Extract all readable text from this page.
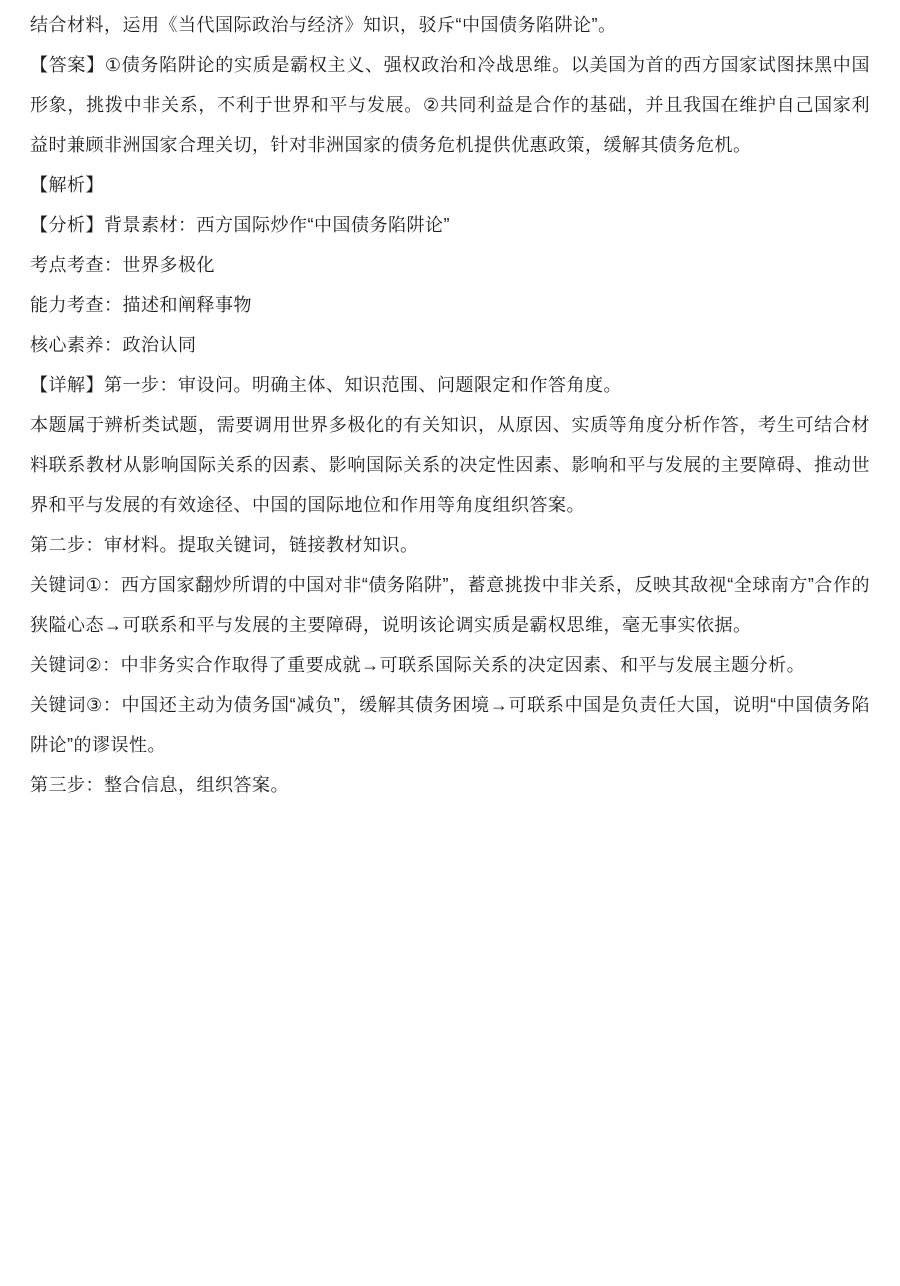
结合材料，运用《当代国际政治与经济》知识，驳斥“中国债务陷阱论”。

【答案】①债务陷阱论的实质是霸权主义、强权政治和冷战思维。以美国为首的西方国家试图抹黑中国形象，挑拨中非关系，不利于世界和平与发展。②共同利益是合作的基础，并且我国在维护自己国家利益时兼顾非洲国家合理关切，针对非洲国家的债务危机提供优惠政策，缓解其债务危机。

【解析】

【分析】背景素材：西方国际炒作“中国债务陷阱论”

考点考查：世界多极化

能力考查：描述和阐释事物

核心素养：政治认同

【详解】第一步：审设问。明确主体、知识范围、问题限定和作答角度。

本题属于辨析类试题，需要调用世界多极化的有关知识，从原因、实质等角度分析作答，考生可结合材料联系教材从影响国际关系的因素、影响国际关系的决定性因素、影响和平与发展的主要障碍、推动世界和平与发展的有效途径、中国的国际地位和作用等角度组织答案。

第二步：审材料。提取关键词，链接教材知识。

关键词①：西方国家翻炒所谓的中国对非“债务陷阱”，蓄意挑拨中非关系，反映其敌视“全球南方”合作的狭隘心态→可联系和平与发展的主要障碍，说明该论调实质是霸权思维，毫无事实依据。

关键词②：中非务实合作取得了重要成就→可联系国际关系的决定因素、和平与发展主题分析。

关键词③：中国还主动为债务国“减负”，缓解其债务困境→可联系中国是负责任大国，说明“中国债务陷阱论”的谬误性。

第三步：整合信息，组织答案。
